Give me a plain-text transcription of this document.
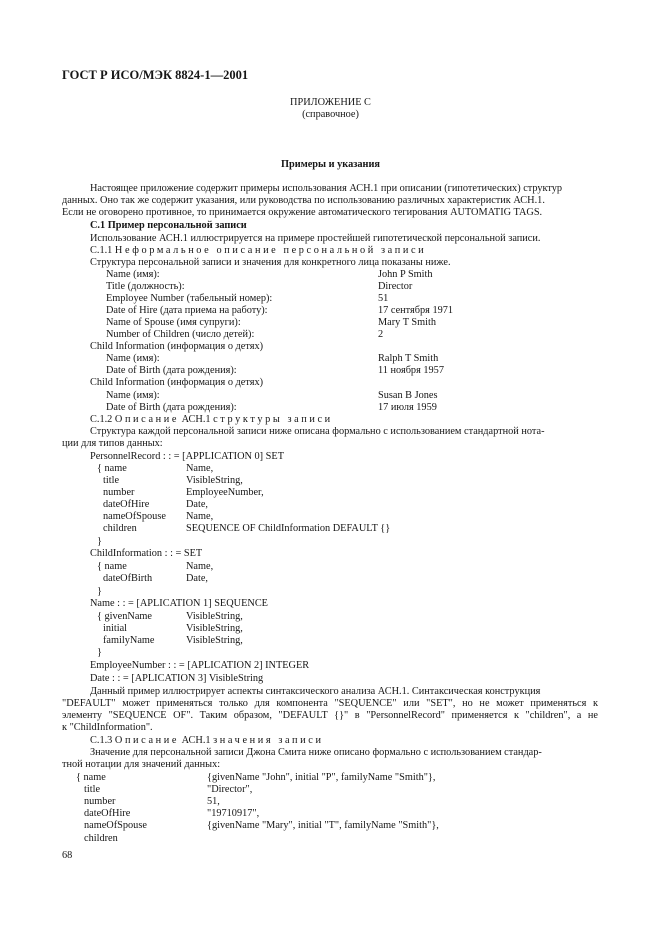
ГОСТ Р ИСО/МЭК 8824-1—2001
ПРИЛОЖЕНИЕ С
(справочное)
Примеры и указания
Настоящее приложение содержит примеры использования АСН.1 при описании (гипотетических) структур
данных. Оно так же содержит указания, или руководства по использованию различных характеристик АСН.1.
Если не оговорено противное, то принимается окружение автоматического тегирования AUTOMATIG TAGS.
С.1 Пример персональной записи
Использование АСН.1 иллюстрируется на примере простейшей гипотетической персональной записи.
С.1.1 Неформальное описание персональной записи
Структура персональной записи и значения для конкретного лица показаны ниже.
Name (имя):	John P Smith
Title (должность):	Director
Employee Number (табельный номер):	51
Date of Hire (дата приема на работу):	17 сентября 1971
Name of Spouse (имя супруги):	Mary T Smith
Number of Children (число детей):	2
Child Information (информация о детях)
Name (имя):	Ralph T Smith
Date of Birth (дата рождения):	11 ноября 1957
Child Information (информация о детях)
Name (имя):	Susan B Jones
Date of Birth (дата рождения):	17 июля 1959
С.1.2 Описание АСН.1 структуры записи
Структура каждой персональной записи ниже описана формально с использованием стандартной нота-
ции для типов данных:
PersonnelRecord : : = [APPLICATION 0] SET
{ name	Name,
title	VisibleString,
number	EmployeeNumber,
dateOfHire	Date,
nameOfSpouse Name,
children	SEQUENCE OF ChildInformation DEFAULT {}
}
ChildInformation : : = SET
{ name	Name,
dateOfBirth	Date,
}
Name : : = [APLICATION 1] SEQUENCE
{ givenName	VisibleString,
initial	VisibleString,
familyName	VisibleString,
}
EmployeeNumber : : = [APLICATION 2] INTEGER
Date : : = [APLICATION 3] VisibleString
Данный пример иллюстрирует аспекты синтаксического анализа АСН.1. Синтаксическая конструкция
"DEFAULT" может применяться только для компонента "SEQUENCE" или "SET", но не может применяться к
элементу "SEQUENCE OF". Таким образом, "DEFAULT {}" в "PersonnelRecord" применяется к "children", а не
к "ChildInformation".
С.1.3 Описание АСН.1 значения записи
Значение для персональной записи Джона Смита ниже описано формально с использованием стандар-
тной нотации для значений данных:
{ name	{givenName "John", initial "P", familyName "Smith"},
title	"Director",
number	51,
dateOfHire	"19710917",
nameOfSpouse	{givenName "Mary", initial "T", familyName "Smith"},
children
68
